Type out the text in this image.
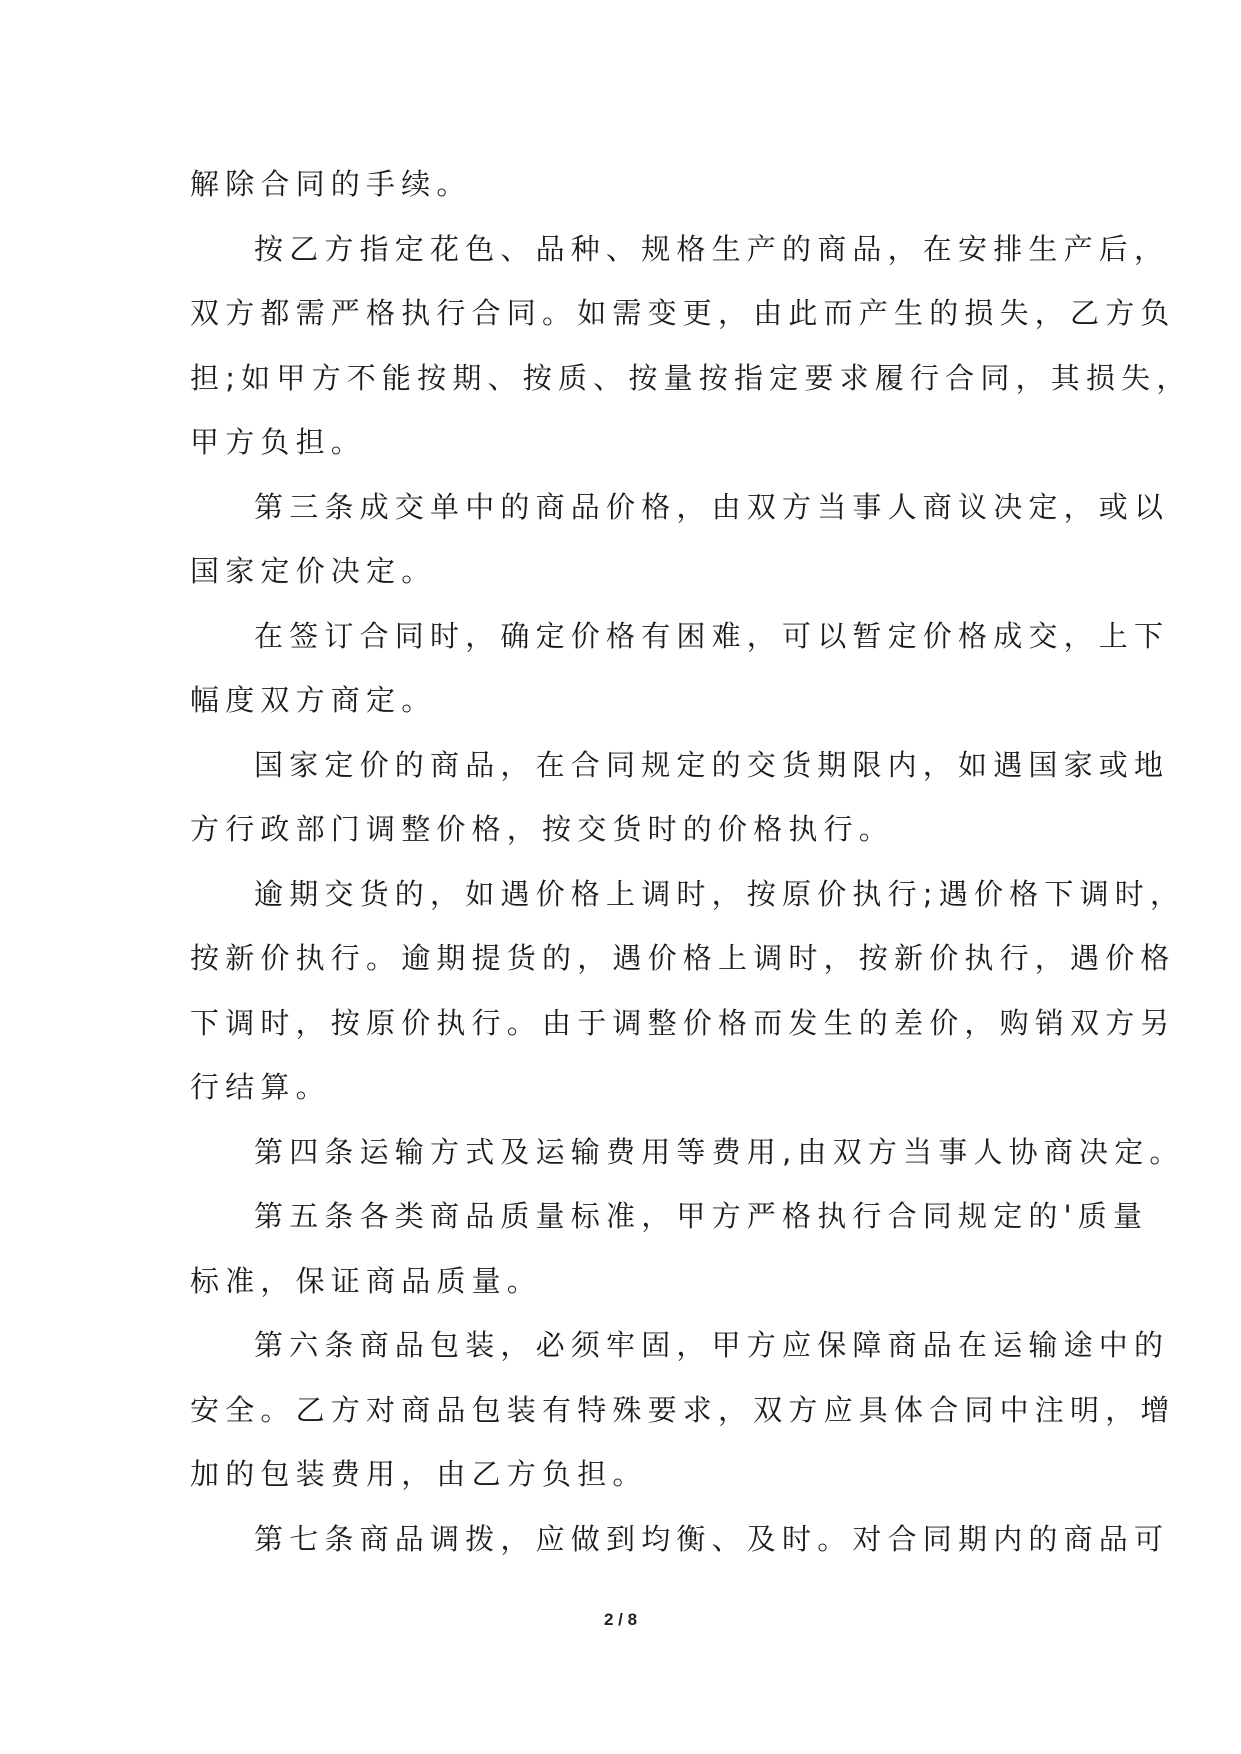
解除合同的手续。
按乙方指定花色、品种、规格生产的商品，在安排生产后，
双方都需严格执行合同。如需变更，由此而产生的损失，乙方负
担;如甲方不能按期、按质、按量按指定要求履行合同，其损失，
甲方负担。
第三条成交单中的商品价格，由双方当事人商议决定，或以
国家定价决定。
在签订合同时，确定价格有困难，可以暂定价格成交，上下
幅度双方商定。
国家定价的商品，在合同规定的交货期限内，如遇国家或地
方行政部门调整价格，按交货时的价格执行。
逾期交货的，如遇价格上调时，按原价执行;遇价格下调时，
按新价执行。逾期提货的，遇价格上调时，按新价执行，遇价格
下调时，按原价执行。由于调整价格而发生的差价，购销双方另
行结算。
第四条运输方式及运输费用等费用,由双方当事人协商决定。
第五条各类商品质量标准，甲方严格执行合同规定的'质量
标准，保证商品质量。
第六条商品包装，必须牢固，甲方应保障商品在运输途中的
安全。乙方对商品包装有特殊要求，双方应具体合同中注明，增
加的包装费用，由乙方负担。
第七条商品调拨，应做到均衡、及时。对合同期内的商品可
2 / 8
